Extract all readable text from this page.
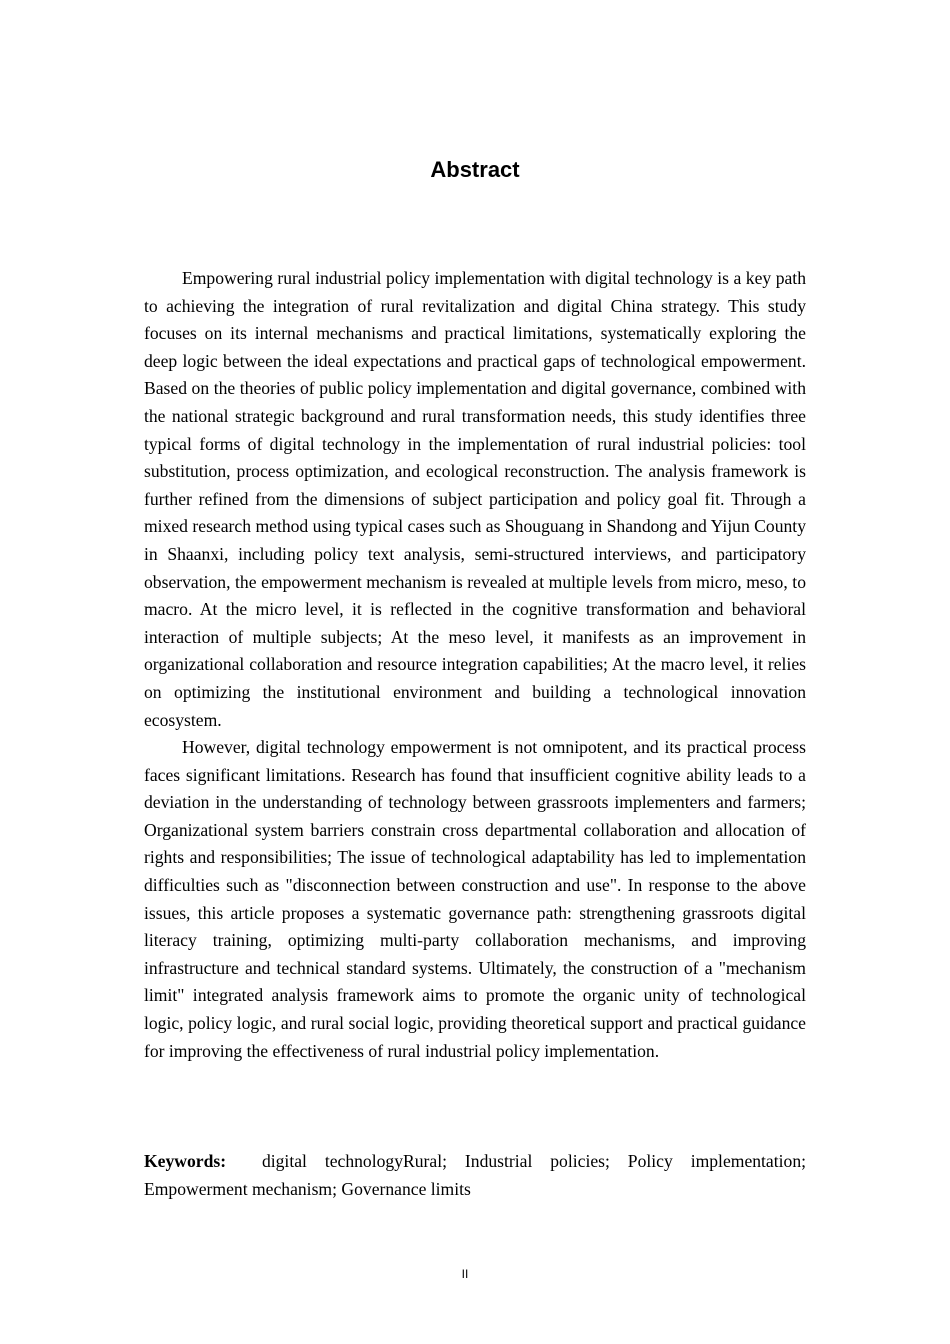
Abstract

Empowering rural industrial policy implementation with digital technology is a key path to achieving the integration of rural revitalization and digital China strategy. This study focuses on its internal mechanisms and practical limitations, systematically exploring the deep logic between the ideal expectations and practical gaps of technological empowerment. Based on the theories of public policy implementation and digital governance, combined with the national strategic background and rural transformation needs, this study identifies three typical forms of digital technology in the implementation of rural industrial policies: tool substitution, process optimization, and ecological reconstruction. The analysis framework is further refined from the dimensions of subject participation and policy goal fit. Through a mixed research method using typical cases such as Shouguang in Shandong and Yijun County in Shaanxi, including policy text analysis, semi-structured interviews, and participatory observation, the empowerment mechanism is revealed at multiple levels from micro, meso, to macro. At the micro level, it is reflected in the cognitive transformation and behavioral interaction of multiple subjects; At the meso level, it manifests as an improvement in organizational collaboration and resource integration capabilities; At the macro level, it relies on optimizing the institutional environment and building a technological innovation ecosystem.

However, digital technology empowerment is not omnipotent, and its practical process faces significant limitations. Research has found that insufficient cognitive ability leads to a deviation in the understanding of technology between grassroots implementers and farmers; Organizational system barriers constrain cross departmental collaboration and allocation of rights and responsibilities; The issue of technological adaptability has led to implementation difficulties such as "disconnection between construction and use". In response to the above issues, this article proposes a systematic governance path: strengthening grassroots digital literacy training, optimizing multi-party collaboration mechanisms, and improving infrastructure and technical standard systems. Ultimately, the construction of a "mechanism limit" integrated analysis framework aims to promote the organic unity of technological logic, policy logic, and rural social logic, providing theoretical support and practical guidance for improving the effectiveness of rural industrial policy implementation.

Keywords: digital technologyRural; Industrial policies; Policy implementation; Empowerment mechanism; Governance limits

II
